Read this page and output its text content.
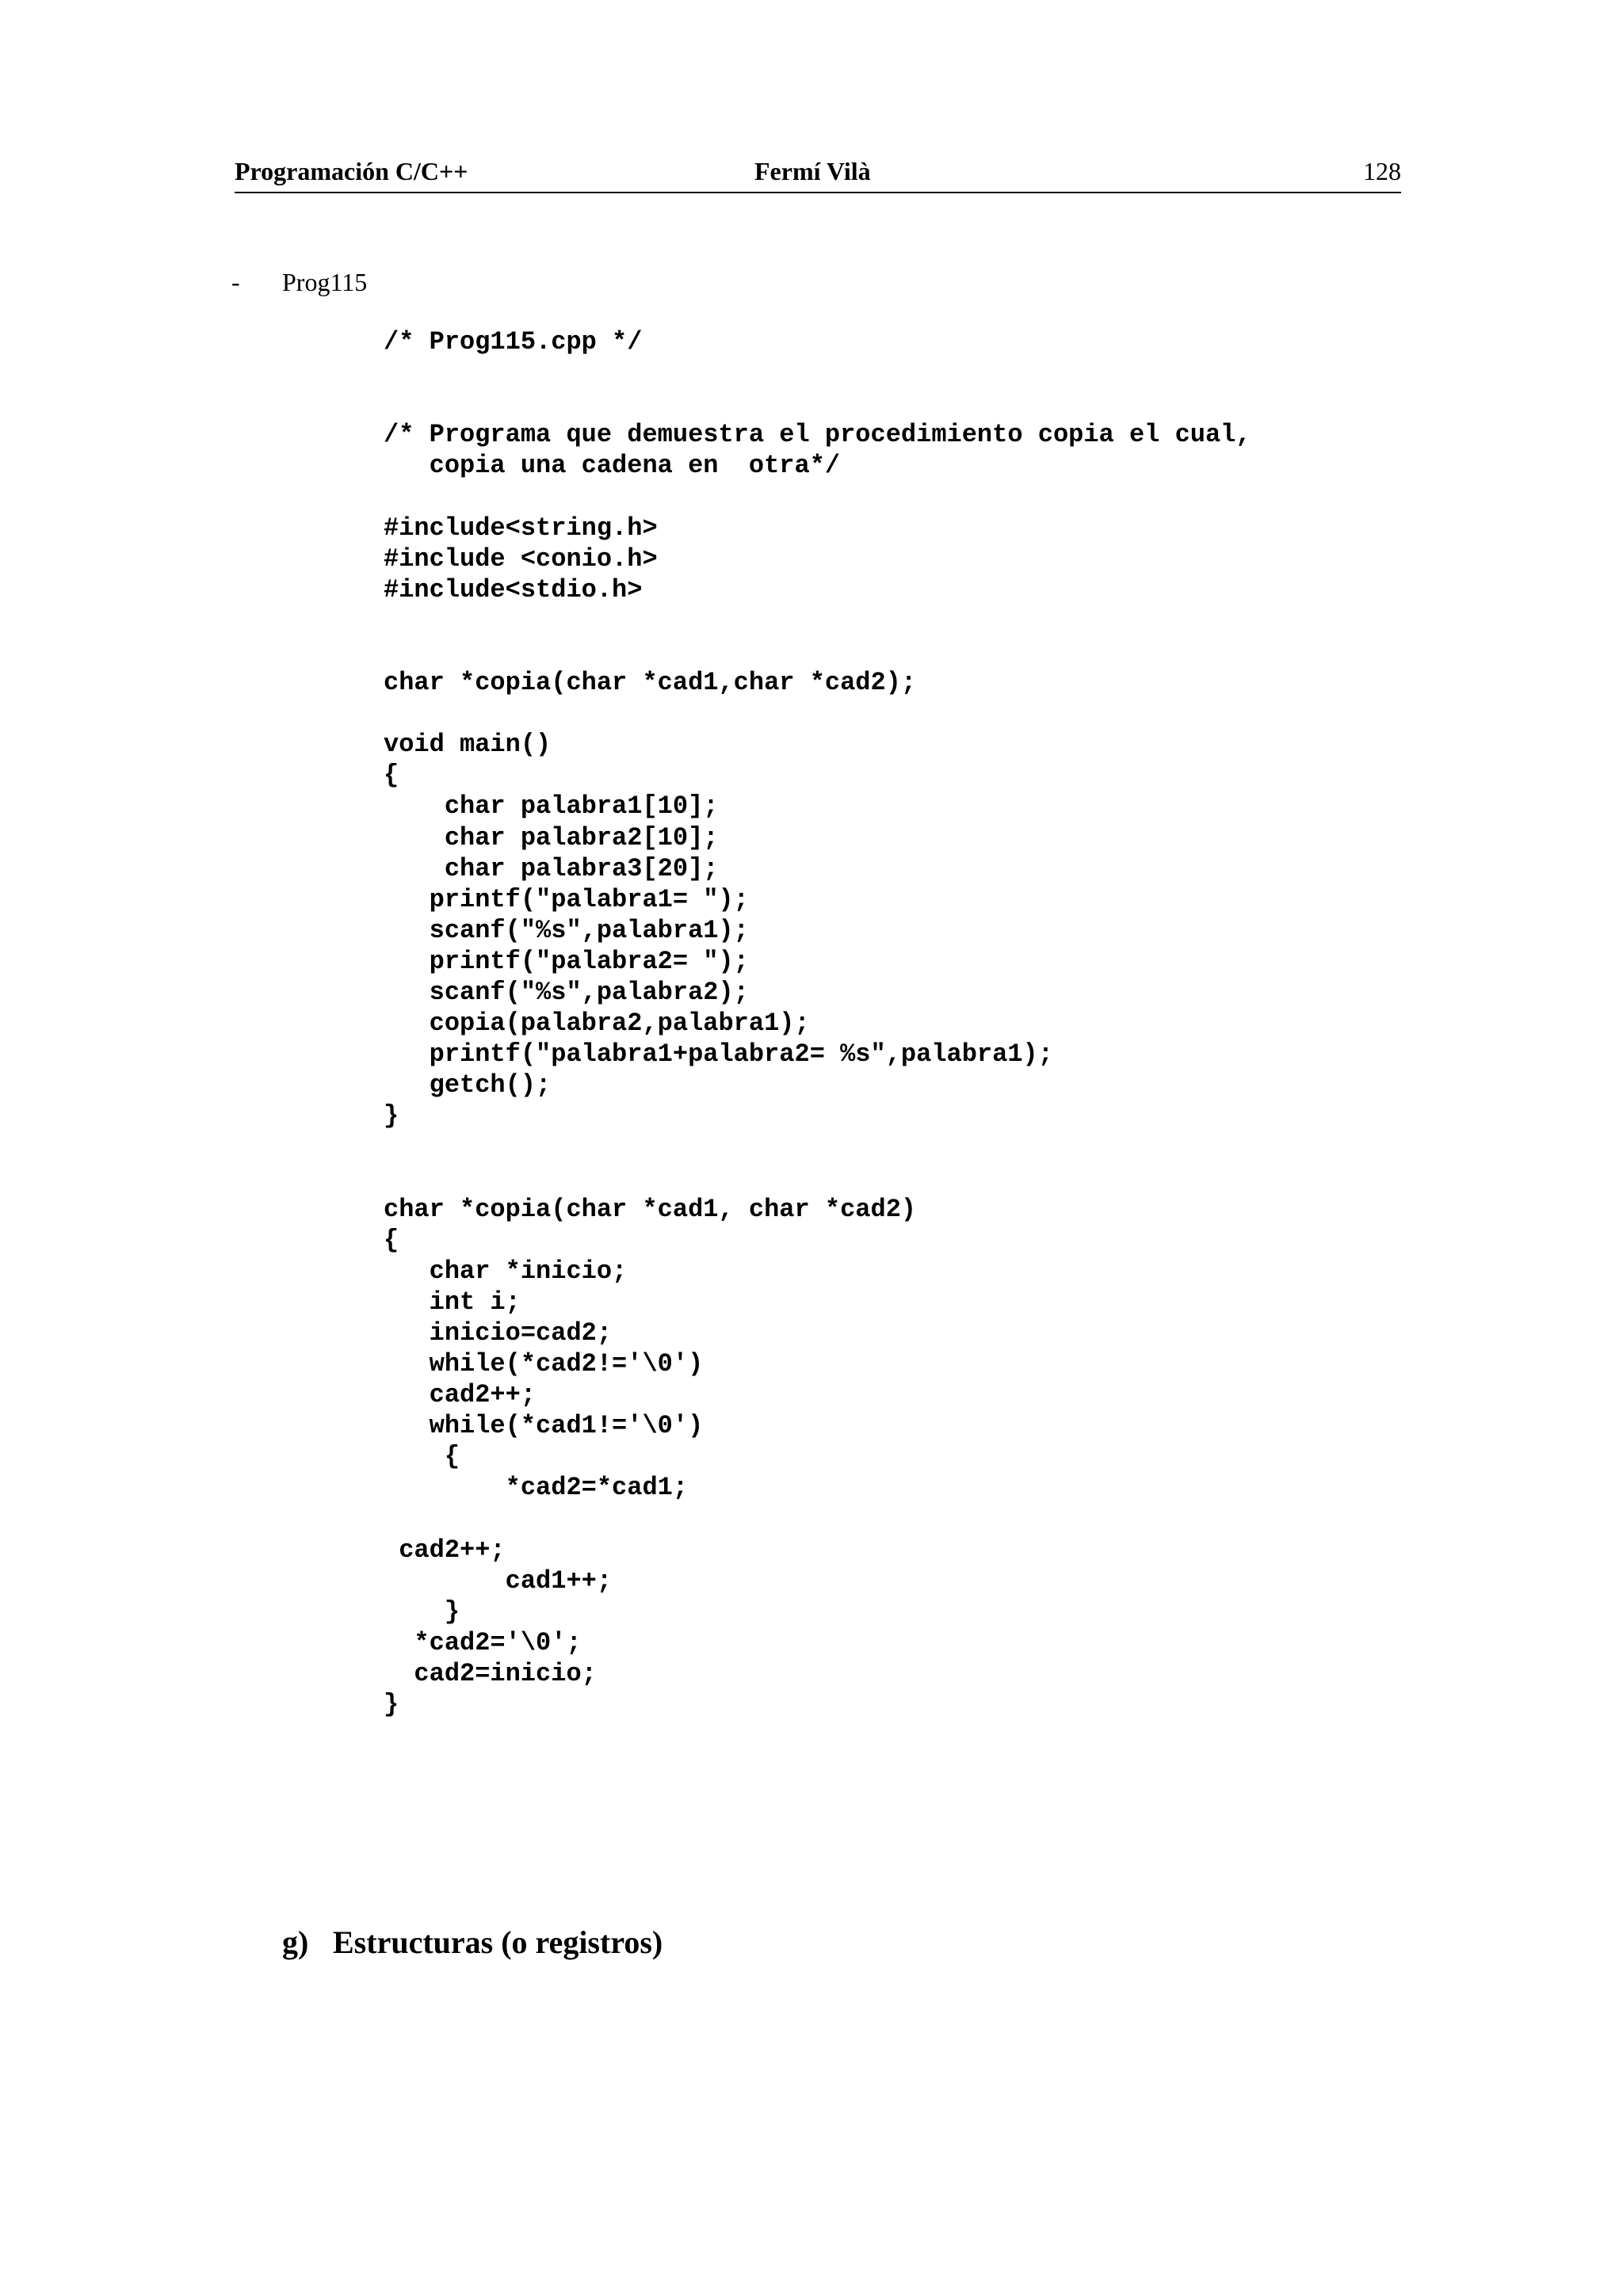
Programación C/C++	Fermí Vilà	128
- Prog115
/* Prog115.cpp */

/* Programa que demuestra el procedimiento copia el cual,
copia una cadena en  otra*/

#include<string.h>
#include <conio.h>
#include<stdio.h>

char *copia(char *cad1,char *cad2);

void main()
{
char palabra1[10];
char palabra2[10];
char palabra3[20];
printf("palabra1= ");
scanf("%s",palabra1);
printf("palabra2= ");
scanf("%s",palabra2);
copia(palabra2,palabra1);
printf("palabra1+palabra2= %s",palabra1);
getch();
}

char *copia(char *cad1, char *cad2)
{
char *inicio;
int i;
inicio=cad2;
while(*cad2!='\0')
cad2++;
while(*cad1!='\0')
{
*cad2=*cad1;

cad2++;
cad1++;
}
*cad2='\0';
cad2=inicio;
}
g) Estructuras (o registros)
